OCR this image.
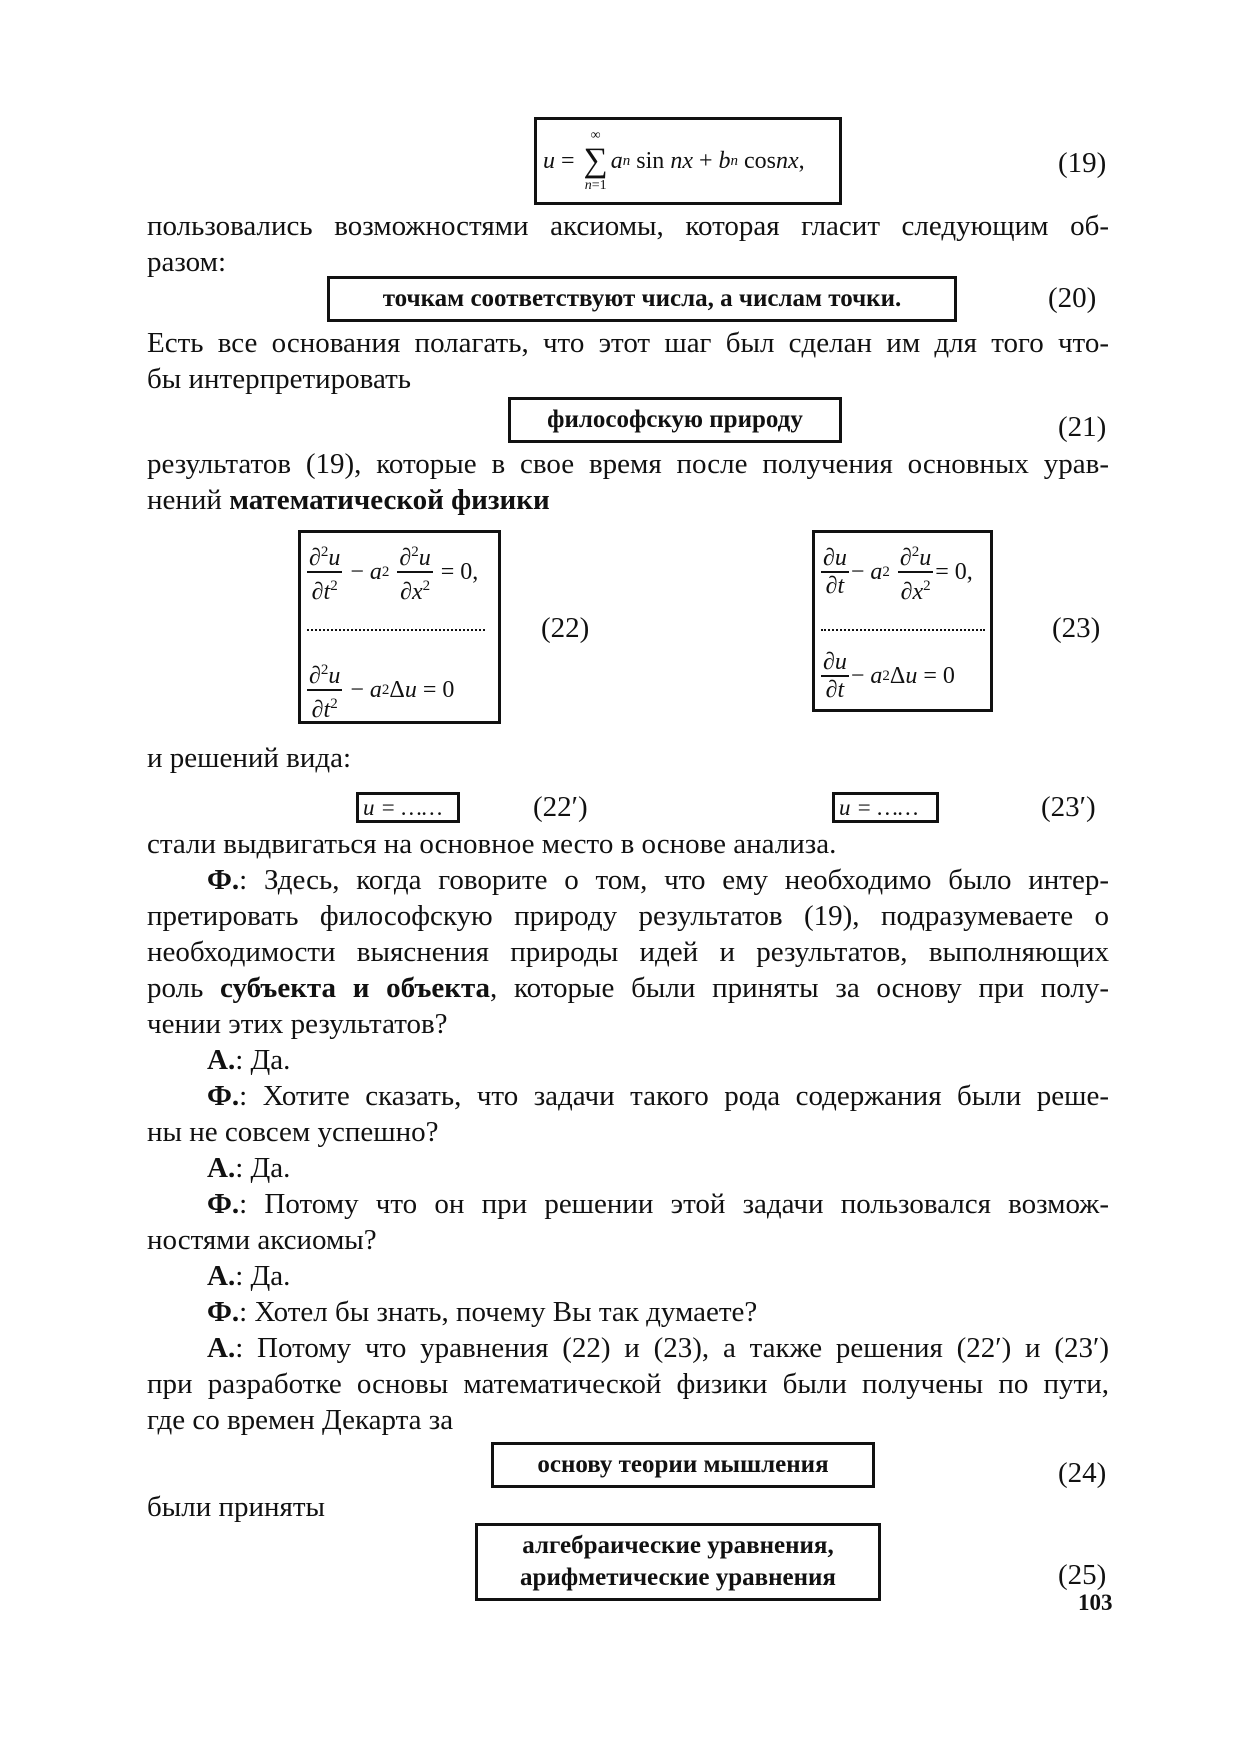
u =
∞
∑
n=1
a n sin nx + b n cos nx ,	(19)
пользовались возможностями аксиомы, которая гласит следующим об-
разом:
точкам соответствуют числа, а числам точки.	(20)
Есть все основания полагать, что этот шаг был сделан им для того что-
бы интерпретировать
философскую природу	(21)
результатов (19), которые в свое время после получения основных урав-
нений математической физики
$\frac{\partial^2u}{\partial t^2} - a$ 2
$\frac{\partial^2u}{\partial x^2} = 0$,
$\frac{\partial^2u}{\partial t^2} - a$ 2 Δ u = 0
(22)
$\frac{\partial u}{\partial t} - a$ 2
$\frac{\partial^2u}{\partial x^2} = 0$,
$\frac{\partial u}{\partial t} - a$ 2 Δ u = 0
(23)
и решений вида:
u = ……	(22′)	u = ……	(23′)
стали выдвигаться на основное место в основе анализа.
Ф.: Здесь, когда говорите о том, что ему необходимо было интер-
претировать философскую природу результатов (19), подразумеваете о
необходимости выяснения природы идей и результатов, выполняющих
роль субъекта и объекта, которые были приняты за основу при полу-
чении этих результатов?
А.: Да.
Ф.: Хотите сказать, что задачи такого рода содержания были реше-
ны не совсем успешно?
А.: Да.
Ф.: Потому что он при решении этой задачи пользовался возмож-
ностями аксиомы?
А.: Да.
Ф.: Хотел бы знать, почему Вы так думаете?
А.: Потому что уравнения (22) и (23), а также решения (22′) и (23′)
при разработке основы математической физики были получены по пути,
где со времен Декарта за
основу теории мышления	(24)
были приняты
алгебраические уравнения,
арифметические уравнения	(25)
103
